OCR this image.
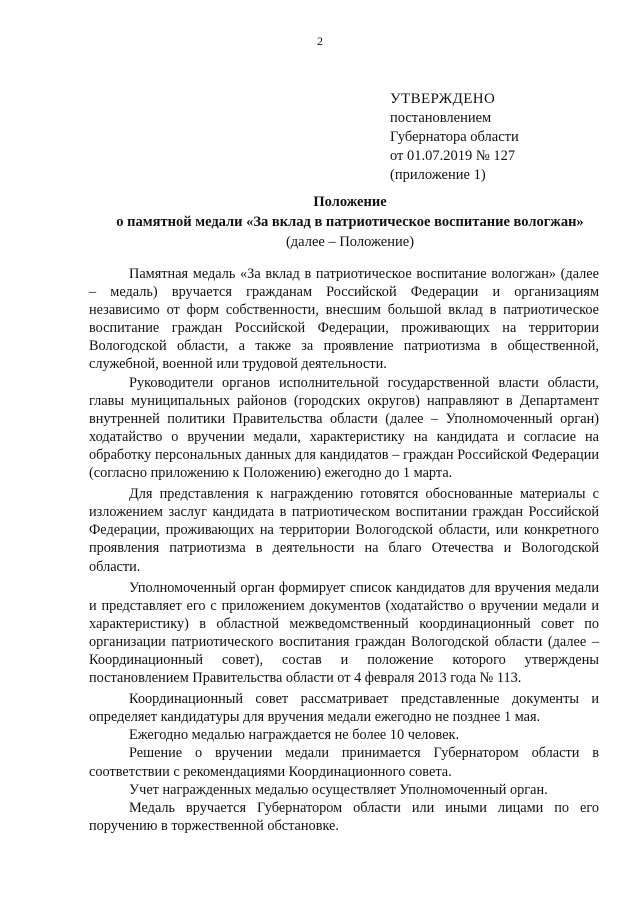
2
УТВЕРЖДЕНО
постановлением
Губернатора области
от 01.07.2019 № 127
(приложение 1)
Положение
о памятной медали «За вклад в патриотическое воспитание вологжан»
(далее – Положение)

Памятная медаль «За вклад в патриотическое воспитание вологжан» (далее – медаль) вручается гражданам Российской Федерации и организациям независимо от форм собственности, внесшим большой вклад в патриотическое воспитание граждан Российской Федерации, проживающих на территории Вологодской области, а также за проявление патриотизма в общественной, служебной, военной или трудовой деятельности.

Руководители органов исполнительной государственной власти области, главы муниципальных районов (городских округов) направляют в Департамент внутренней политики Правительства области (далее – Уполномоченный орган) ходатайство о вручении медали, характеристику на кандидата и согласие на обработку персональных данных для кандидатов – граждан Российской Федерации (согласно приложению к Положению) ежегодно до 1 марта.

Для представления к награждению готовятся обоснованные материалы с изложением заслуг кандидата в патриотическом воспитании граждан Российской Федерации, проживающих на территории Вологодской области, или конкретного проявления патриотизма в деятельности на благо Отечества и Вологодской области.

Уполномоченный орган формирует список кандидатов для вручения медали и представляет его с приложением документов (ходатайство о вручении медали и характеристику) в областной межведомственный координационный совет по организации патриотического воспитания граждан Вологодской области (далее – Координационный совет), состав и положение которого утверждены постановлением Правительства области от 4 февраля 2013 года № 113.

Координационный совет рассматривает представленные документы и определяет кандидатуры для вручения медали ежегодно не позднее 1 мая.

Ежегодно медалью награждается не более 10 человек.

Решение о вручении медали принимается Губернатором области в соответствии с рекомендациями Координационного совета.

Учет награжденных медалью осуществляет Уполномоченный орган.

Медаль вручается Губернатором области или иными лицами по его поручению в торжественной обстановке.
